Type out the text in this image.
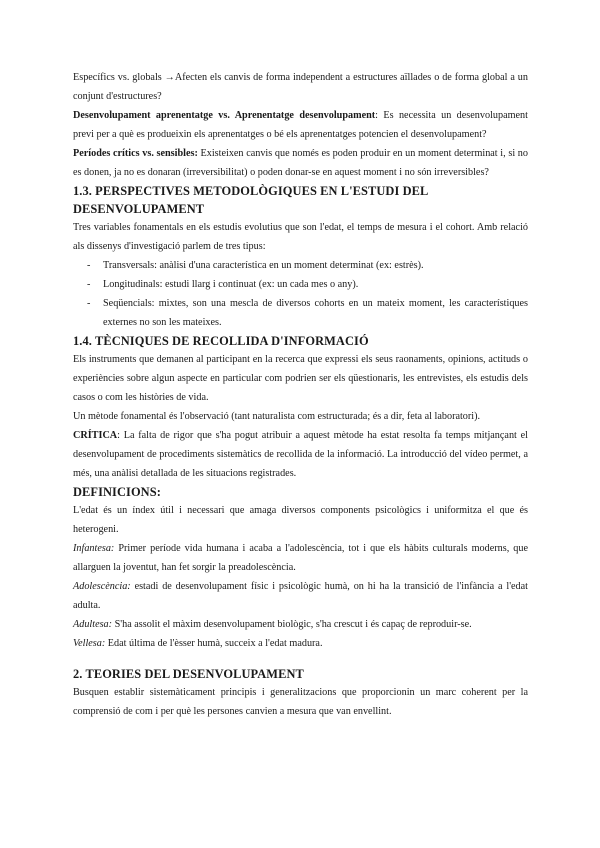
Específics vs. globals →Afecten els canvis de forma independent a estructures aïllades o de forma global a un conjunt d'estructures?

Desenvolupament aprenentatge vs. Aprenentatge desenvolupament: Es necessita un desenvolupament previ per a què es produeixin els aprenentatges o bé els aprenentatges potencien el desenvolupament?

Períodes crítics vs. sensibles: Existeixen canvis que només es poden produir en un moment determinat i, si no es donen, ja no es donaran (irreversibilitat) o poden donar-se en aquest moment i no són irreversibles?

1.3. PERSPECTIVES METODOLÒGIQUES EN L'ESTUDI DEL DESENVOLUPAMENT

Tres variables fonamentals en els estudis evolutius que son l'edat, el temps de mesura i el cohort. Amb relació als dissenys d'investigació parlem de tres tipus:

- Transversals: anàlisi d'una característica en un moment determinat (ex: estrès).
- Longitudinals: estudi llarg i continuat (ex: un cada mes o any).
- Seqüencials: mixtes, son una mescla de diversos cohorts en un mateix moment, les característiques externes no son les mateixes.
1.4. TÈCNIQUES DE RECOLLIDA D'INFORMACIÓ

Els instruments que demanen al participant en la recerca que expressi els seus raonaments, opinions, actituds o experiències sobre algun aspecte en particular com podrien ser els qüestionaris, les entrevistes, els estudis dels casos o com les històries de vida.

Un mètode fonamental és l'observació (tant naturalista com estructurada; és a dir, feta al laboratori).

CRÍTICA: La falta de rigor que s'ha pogut atribuir a aquest mètode ha estat resolta fa temps mitjançant el desenvolupament de procediments sistemàtics de recollida de la informació. La introducció del vídeo permet, a més, una anàlisi detallada de les situacions registrades.

DEFINICIONS:

L'edat és un índex útil i necessari que amaga diversos components psicològics i uniformitza el que és heterogeni.

Infantesa: Primer període vida humana i acaba a l'adolescència, tot i que els hàbits culturals moderns, que allarguen la joventut, han fet sorgir la preadolescència.

Adolescència: estadi de desenvolupament físic i psicològic humà, on hi ha la transició de l'infància a l'edat adulta.

Adultesa: S'ha assolit el màxim desenvolupament biològic, s'ha crescut i és capaç de reproduir-se.

Vellesa: Edat última de l'èsser humà, succeix a l'edat madura.

2. TEORIES DEL DESENVOLUPAMENT

Busquen establir sistemàticament principis i generalitzacions que proporcionin un marc coherent per la comprensió de com i per què les persones canvien a mesura que van envellint.
